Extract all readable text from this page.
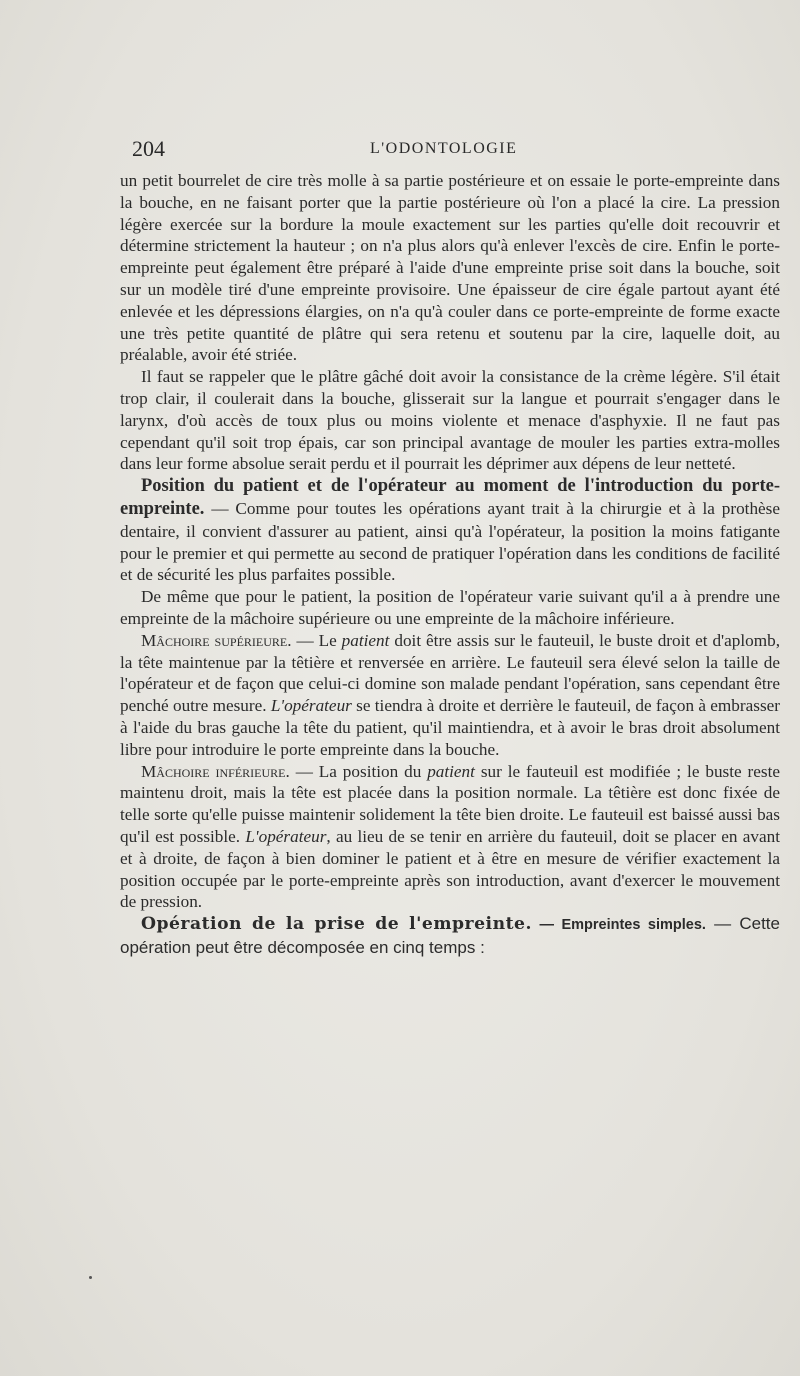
204	L'ODONTOLOGIE

un petit bourrelet de cire très molle à sa partie postérieure et on essaie le porte-empreinte dans la bouche, en ne faisant porter que la partie postérieure où l'on a placé la cire. La pression légère exercée sur la bordure la moule exactement sur les parties qu'elle doit recouvrir et détermine strictement la hauteur ; on n'a plus alors qu'à enlever l'excès de cire. Enfin le porte-empreinte peut également être préparé à l'aide d'une empreinte prise soit dans la bouche, soit sur un modèle tiré d'une empreinte provisoire. Une épaisseur de cire égale partout ayant été enlevée et les dépressions élargies, on n'a qu'à couler dans ce porte-empreinte de forme exacte une très petite quantité de plâtre qui sera retenu et soutenu par la cire, laquelle doit, au préalable, avoir été striée.

Il faut se rappeler que le plâtre gâché doit avoir la consistance de la crème légère. S'il était trop clair, il coulerait dans la bouche, glisserait sur la langue et pourrait s'engager dans le larynx, d'où accès de toux plus ou moins violente et menace d'asphyxie. Il ne faut pas cependant qu'il soit trop épais, car son principal avantage de mouler les parties extra-molles dans leur forme absolue serait perdu et il pourrait les déprimer aux dépens de leur netteté.

Position du patient et de l'opérateur au moment de l'introduction du porte-empreinte. — Comme pour toutes les opérations ayant trait à la chirurgie et à la prothèse dentaire, il convient d'assurer au patient, ainsi qu'à l'opérateur, la position la moins fatigante pour le premier et qui permette au second de pratiquer l'opération dans les conditions de facilité et de sécurité les plus parfaites possible.

De même que pour le patient, la position de l'opérateur varie suivant qu'il a à prendre une empreinte de la mâchoire supérieure ou une empreinte de la mâchoire inférieure.

Mâchoire supérieure. — Le patient doit être assis sur le fauteuil, le buste droit et d'aplomb, la tête maintenue par la têtière et renversée en arrière. Le fauteuil sera élevé selon la taille de l'opérateur et de façon que celui-ci domine son malade pendant l'opération, sans cependant être penché outre mesure. L'opérateur se tiendra à droite et derrière le fauteuil, de façon à embrasser à l'aide du bras gauche la tête du patient, qu'il maintiendra, et à avoir le bras droit absolument libre pour introduire le porte empreinte dans la bouche.

Mâchoire inférieure. — La position du patient sur le fauteuil est modifiée ; le buste reste maintenu droit, mais la tête est placée dans la position normale. La têtière est donc fixée de telle sorte qu'elle puisse maintenir solidement la tête bien droite. Le fauteuil est baissé aussi bas qu'il est possible. L'opérateur, au lieu de se tenir en arrière du fauteuil, doit se placer en avant et à droite, de façon à bien dominer le patient et à être en mesure de vérifier exactement la position occupée par le porte-empreinte après son introduction, avant d'exercer le mouvement de pression.

Opération de la prise de l'empreinte. — Empreintes simples. — Cette opération peut être décomposée en cinq temps :
